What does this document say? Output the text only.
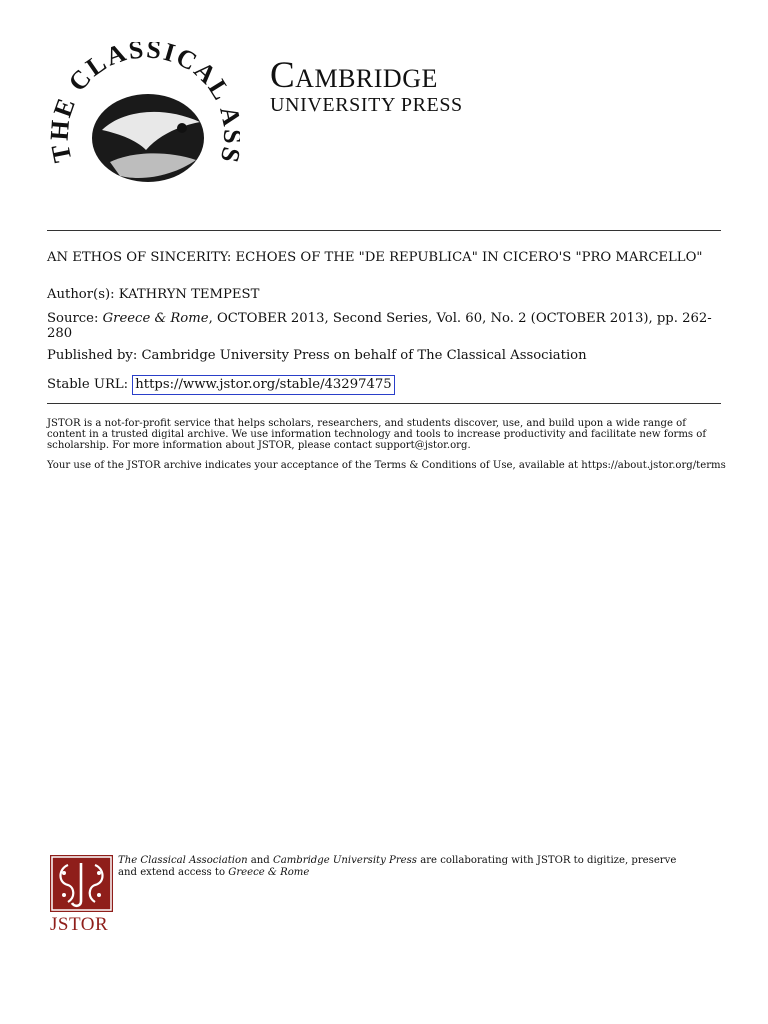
E CLASSICAL Cambridge
UNIVERSITY PRESS
AN ETHOS OF SINCERITY: ECHOES OF THE "DE REPUBLICA" IN CICERO'S "PRO MARCELLO"
Author(s): KATHRYN TEMPEST
Source: Greece & Rome, OCTOBER 2013, Second Series, Vol. 60, No. 2 (OCTOBER 2013), pp. 262-280
Published by: Cambridge University Press on behalf of The Classical Association
Stable URL: https://www.jstor.org/stable/43297475
JSTOR is a not-for-profit service that helps scholars, researchers, and students discover, use, and build upon a wide range of content in a trusted digital archive. We use information technology and tools to increase productivity and facilitate new forms of scholarship. For more information about JSTOR, please contact support@jstor.org.
Your use of the JSTOR archive indicates your acceptance of the Terms & Conditions of Use, available at https://about.jstor.org/terms
JSTOR
The Classical Association and Cambridge University Press are collaborating with JSTOR to digitize, preserve and extend access to Greece & Rome
